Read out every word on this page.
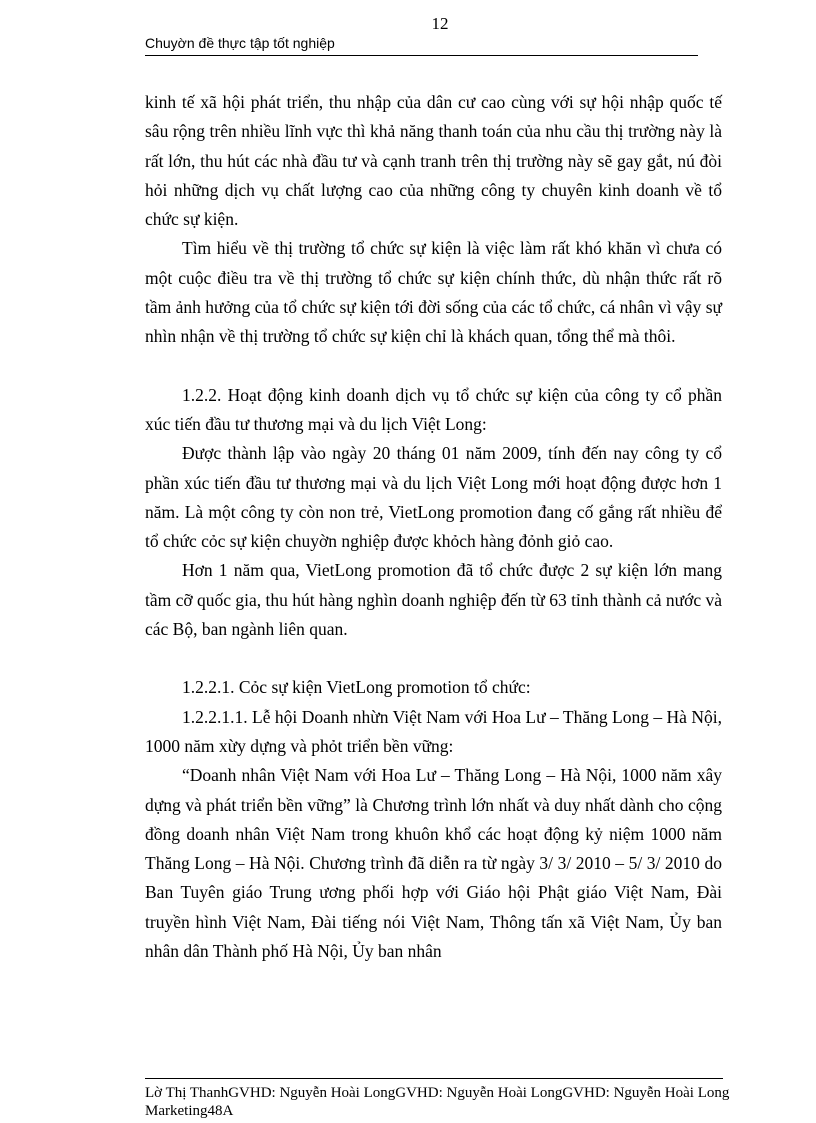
12
Chuyờn đề thực tập tốt nghiệp

kinh tế xã hội phát triển, thu nhập của dân cư cao cùng với sự hội nhập quốc tế sâu rộng trên nhiều lĩnh vực thì khả năng thanh toán của nhu cầu thị trường này là rất lớn, thu hút các nhà đầu tư và cạnh tranh trên thị trường này sẽ gay gắt, nú đòi hỏi những dịch vụ chất lượng cao của những công ty chuyên kinh doanh về tổ chức sự kiện.

Tìm hiểu về thị trường tổ chức sự kiện là việc làm rất khó khăn vì chưa có một cuộc điều tra về thị trường tổ chức sự kiện chính thức, dù nhận thức rất rõ tầm ảnh hưởng của tổ chức sự kiện tới đời sống của các tổ chức, cá nhân vì vậy sự nhìn nhận về thị trường tổ chức sự kiện chỉ là khách quan, tổng thể mà thôi.

1.2.2. Hoạt động kinh doanh dịch vụ tổ chức sự kiện của công ty cổ phần xúc tiến đầu tư thương mại và du lịch Việt Long:

Được thành lập vào ngày 20 tháng 01 năm 2009, tính đến nay công ty cổ phần xúc tiến đầu tư thương mại và du lịch Việt Long mới hoạt động được hơn 1 năm. Là một công ty còn non trẻ, VietLong promotion đang cố gắng rất nhiều để tổ chức cỏc sự kiện chuyờn nghiệp được khỏch hàng đỏnh giỏ cao.

Hơn 1 năm qua, VietLong promotion đã tổ chức được 2 sự kiện lớn mang tầm cỡ quốc gia, thu hút hàng nghìn doanh nghiệp đến từ 63 tỉnh thành cả nước và các Bộ, ban ngành liên quan.

1.2.2.1. Cỏc sự kiện VietLong promotion tổ chức:

1.2.2.1.1. Lễ hội Doanh nhừn Việt Nam với Hoa Lư – Thăng Long – Hà Nội, 1000 năm xừy dựng và phỏt triển bền vững:

“Doanh nhân Việt Nam với Hoa Lư – Thăng Long – Hà Nội, 1000 năm xây dựng và phát triển bền vững” là Chương trình lớn nhất và duy nhất dành cho cộng đồng doanh nhân Việt Nam trong khuôn khổ các hoạt động kỷ niệm 1000 năm Thăng Long – Hà Nội. Chương trình đã diễn ra từ ngày 3/ 3/ 2010 – 5/ 3/ 2010 do Ban Tuyên giáo Trung ương phối hợp với Giáo hội Phật giáo Việt Nam, Đài truyền hình Việt Nam, Đài tiếng nói Việt Nam, Thông tấn xã Việt Nam, Ủy ban nhân dân Thành phố Hà Nội, Ủy ban nhân

Lờ Thị ThanhGVHD: Nguyễn Hoài LongGVHD: Nguyễn Hoài LongGVHD: Nguyễn Hoài Long
Marketing48A
